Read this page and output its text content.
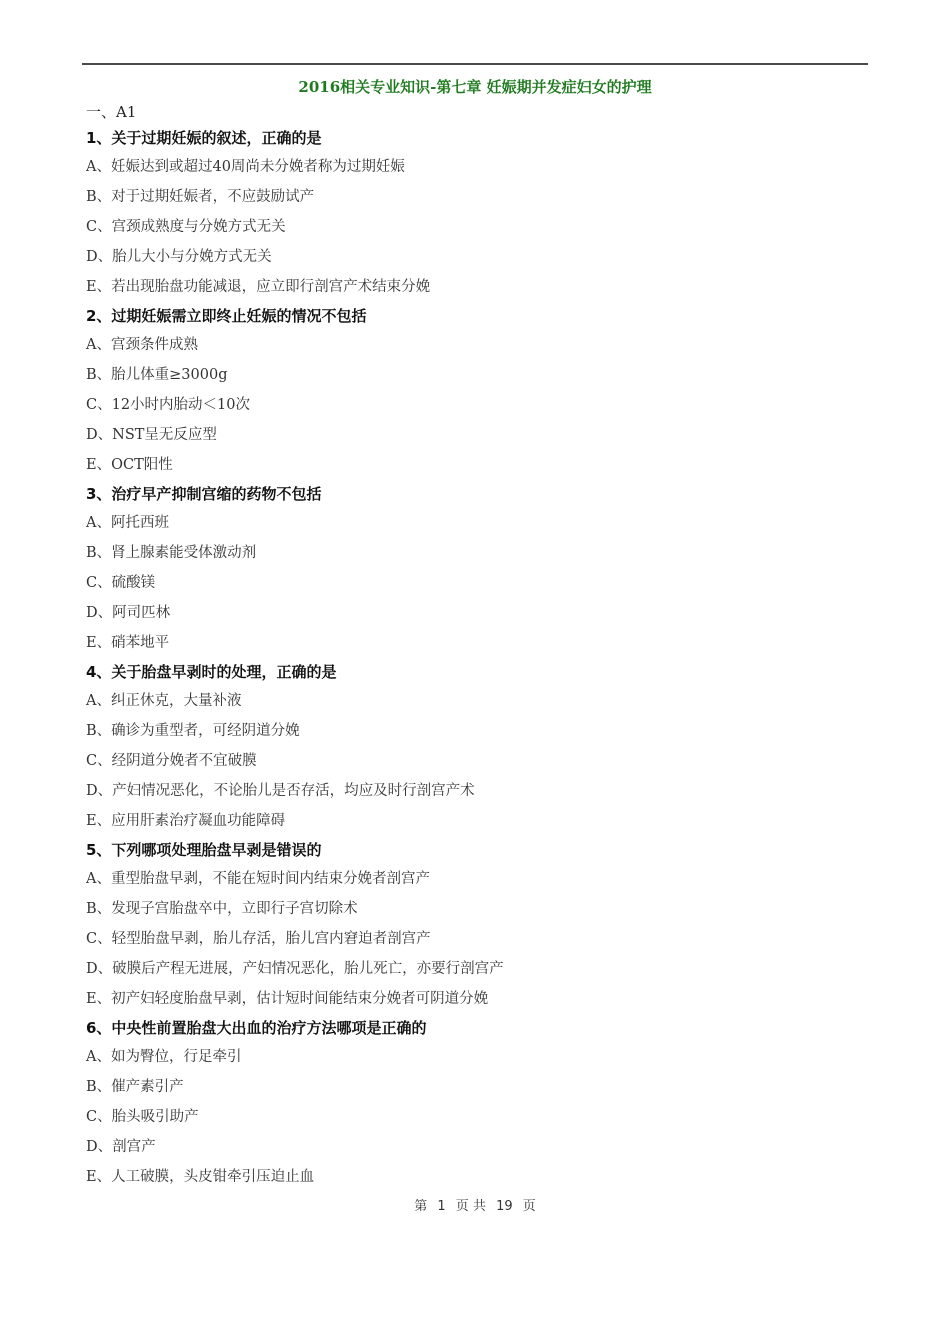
2016相关专业知识-第七章 妊娠期并发症妇女的护理
一、A1
1、关于过期妊娠的叙述，正确的是
A、妊娠达到或超过40周尚未分娩者称为过期妊娠
B、对于过期妊娠者，不应鼓励试产
C、宫颈成熟度与分娩方式无关
D、胎儿大小与分娩方式无关
E、若出现胎盘功能减退，应立即行剖宫产术结束分娩
2、过期妊娠需立即终止妊娠的情况不包括
A、宫颈条件成熟
B、胎儿体重≥3000g
C、12小时内胎动＜10次
D、NST呈无反应型
E、OCT阳性
3、治疗早产抑制宫缩的药物不包括
A、阿托西班
B、肾上腺素能受体激动剂
C、硫酸镁
D、阿司匹林
E、硝苯地平
4、关于胎盘早剥时的处理，正确的是
A、纠正休克，大量补液
B、确诊为重型者，可经阴道分娩
C、经阴道分娩者不宜破膜
D、产妇情况恶化，不论胎儿是否存活，均应及时行剖宫产术
E、应用肝素治疗凝血功能障碍
5、下列哪项处理胎盘早剥是错误的
A、重型胎盘早剥，不能在短时间内结束分娩者剖宫产
B、发现子宫胎盘卒中，立即行子宫切除术
C、轻型胎盘早剥，胎儿存活，胎儿宫内窘迫者剖宫产
D、破膜后产程无进展，产妇情况恶化，胎儿死亡，亦要行剖宫产
E、初产妇轻度胎盘早剥，估计短时间能结束分娩者可阴道分娩
6、中央性前置胎盘大出血的治疗方法哪项是正确的
A、如为臀位，行足牵引
B、催产素引产
C、胎头吸引助产
D、剖宫产
E、人工破膜，头皮钳牵引压迫止血
第 1 页 共 19 页
